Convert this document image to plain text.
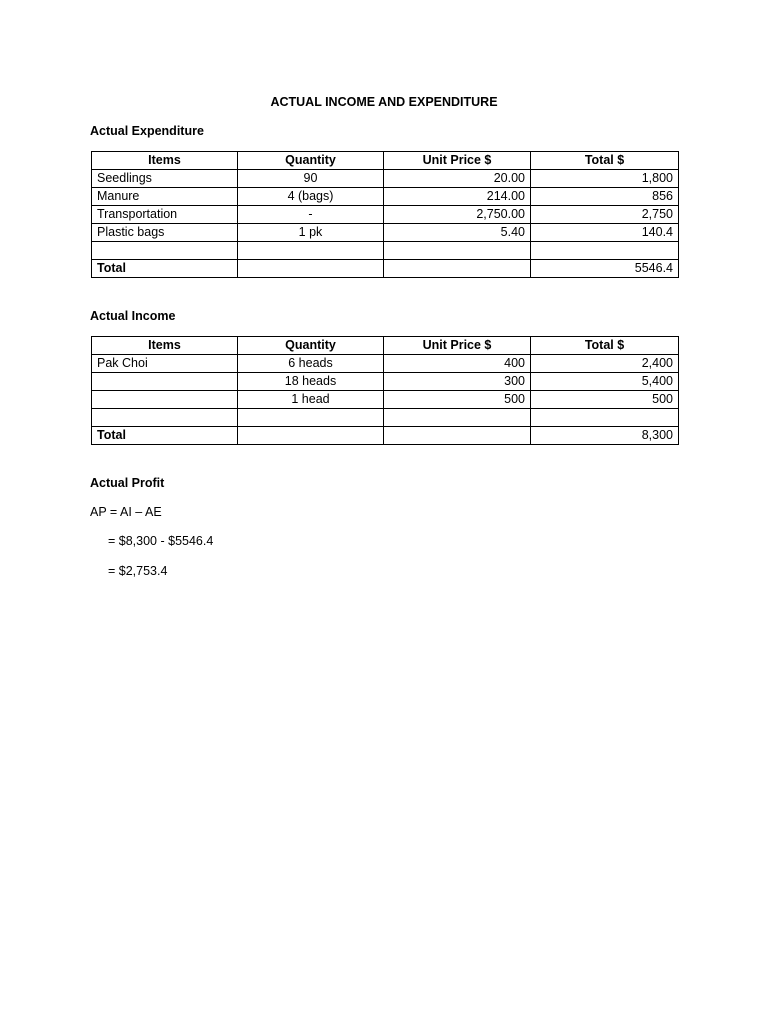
ACTUAL INCOME AND EXPENDITURE
Actual Expenditure
Items	Quantity	Unit Price $	Total $
Seedlings	90	20.00	1,800
Manure	4 (bags)	214.00	856
Transportation	-	2,750.00	2,750
Plastic bags	1 pk	5.40	140.4

Total			5546.4
Actual Income
Items	Quantity	Unit Price $	Total $
Pak Choi	6 heads	400	2,400
	18 heads	300	5,400
	1 head	500	500

Total			8,300
Actual Profit
AP = AI – AE
= $8,300 - $5546.4
= $2,753.4
